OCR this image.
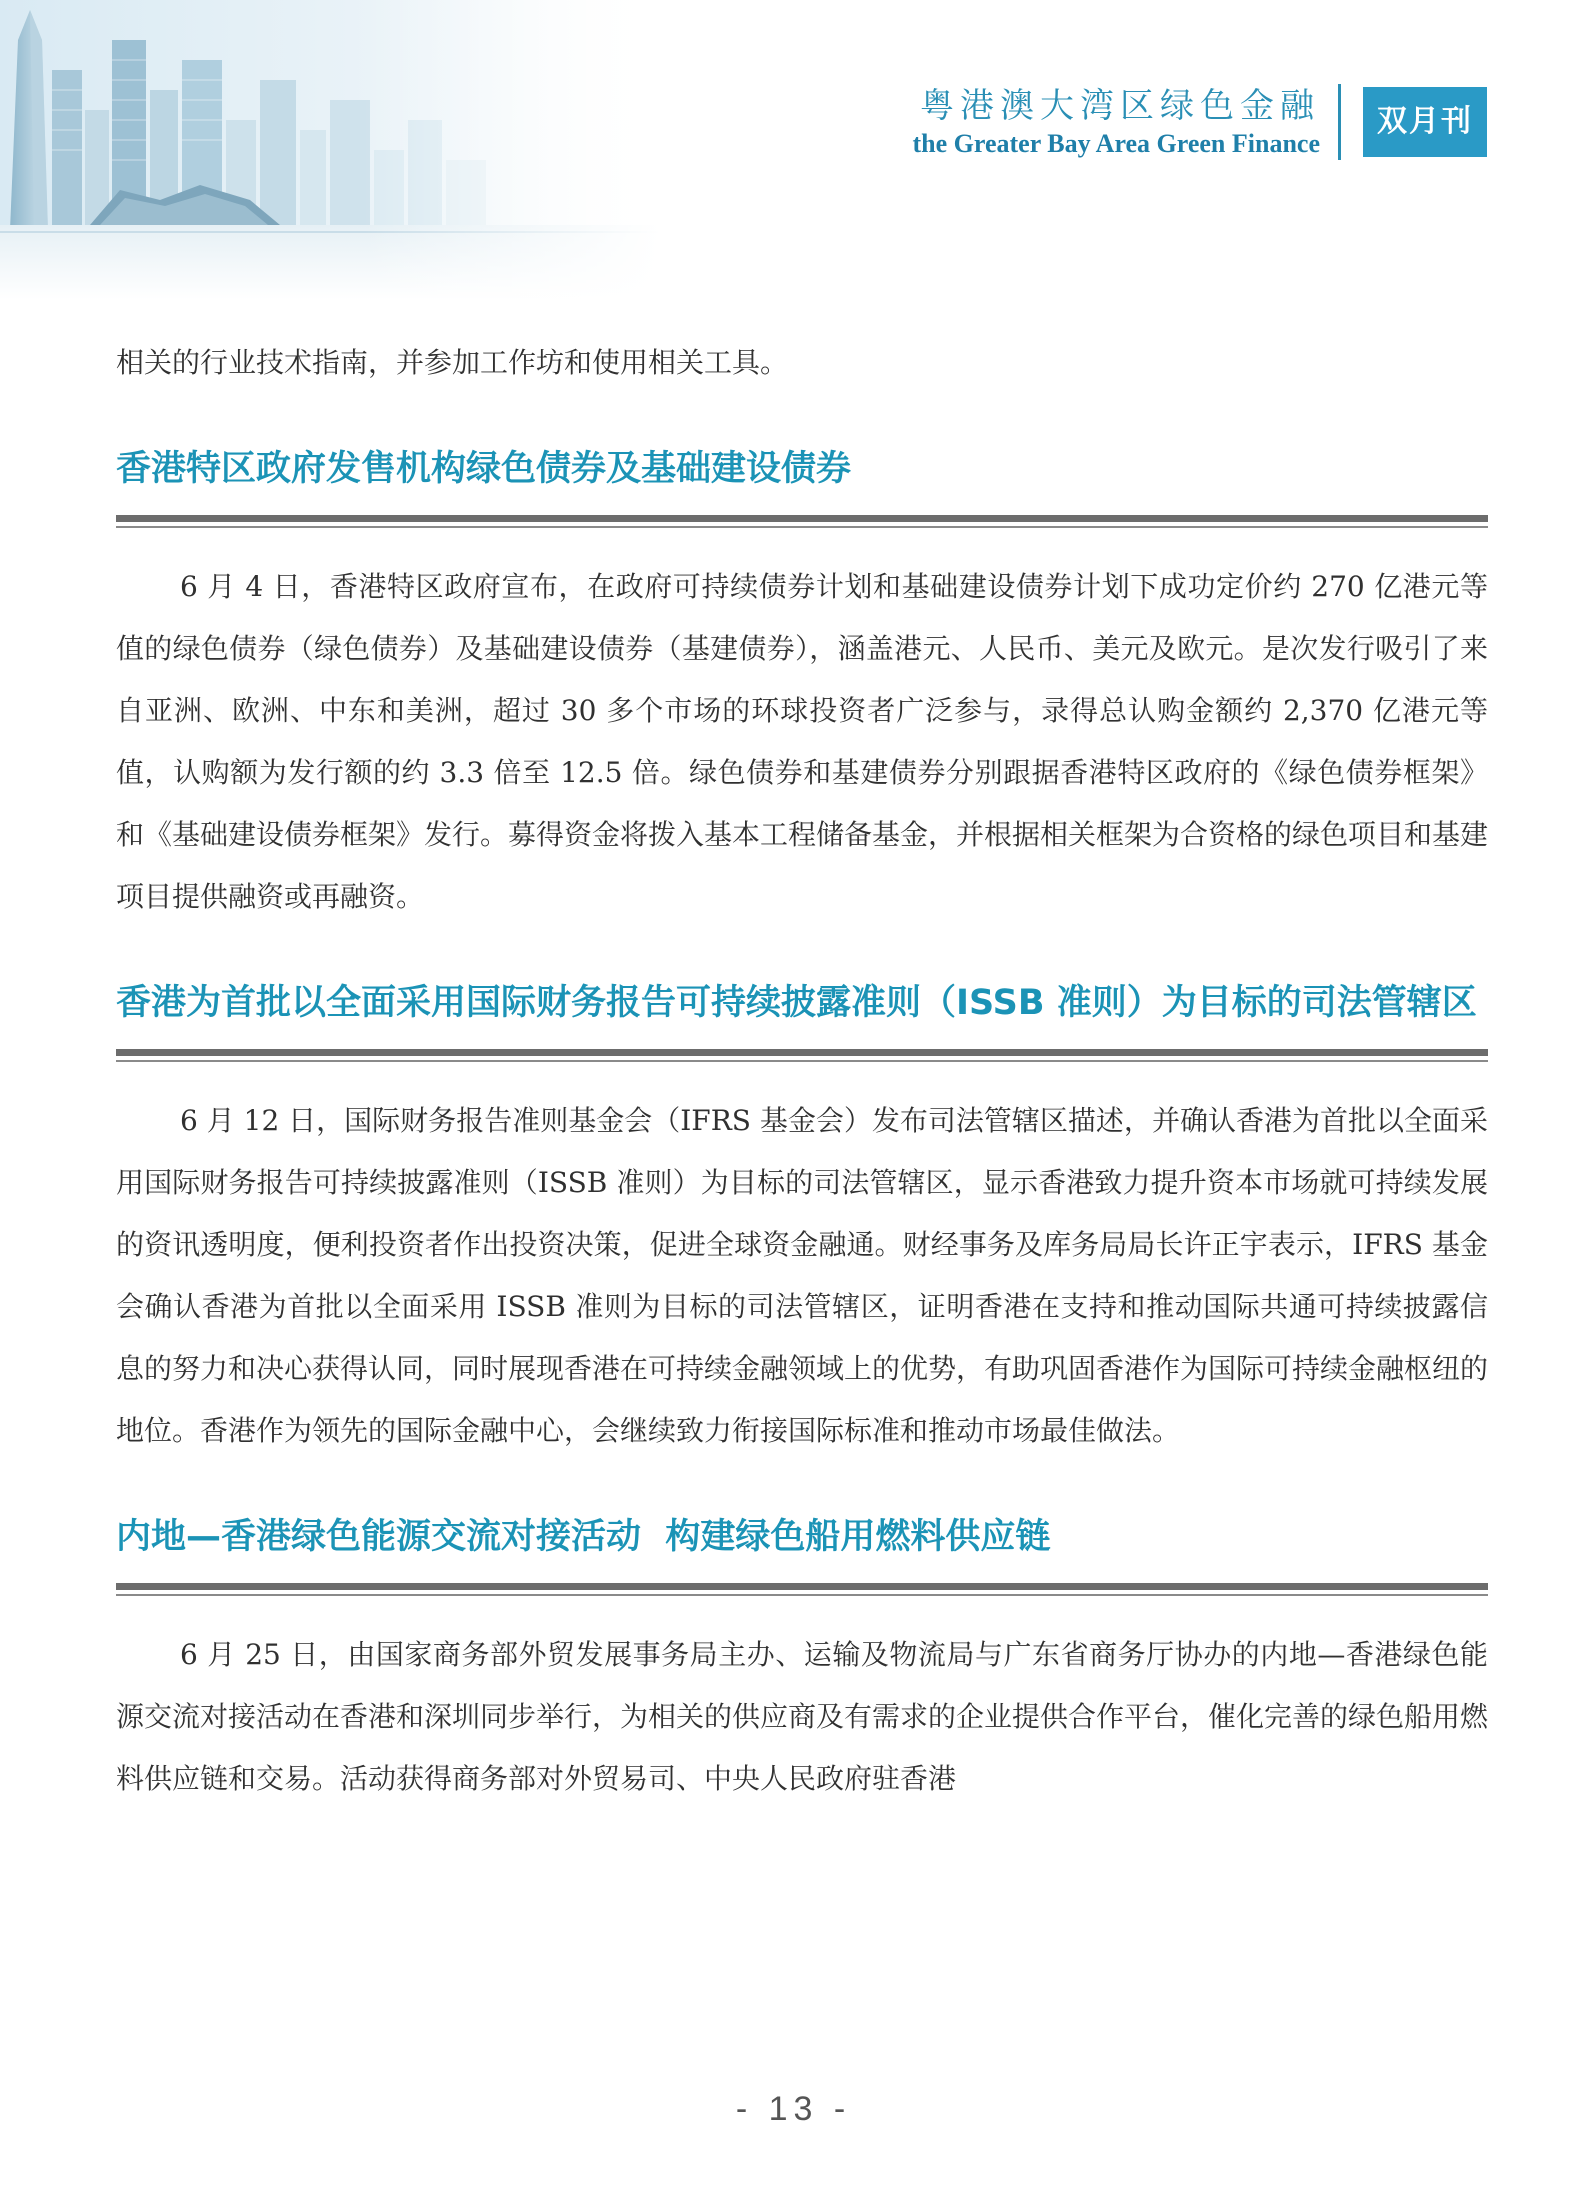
粤港澳大湾区绿色金融
the Greater Bay Area Green Finance
双月刊

相关的行业技术指南，并参加工作坊和使用相关工具。

香港特区政府发售机构绿色债券及基础建设债券

6 月 4 日，香港特区政府宣布，在政府可持续债券计划和基础建设债券计划下成功定价约 270 亿港元等值的绿色债券（绿色债券）及基础建设债券（基建债券），涵盖港元、人民币、美元及欧元。是次发行吸引了来自亚洲、欧洲、中东和美洲，超过 30 多个市场的环球投资者广泛参与，录得总认购金额约 2,370 亿港元等值，认购额为发行额的约 3.3 倍至 12.5 倍。绿色债券和基建债券分别跟据香港特区政府的《绿色债券框架》和《基础建设债券框架》发行。募得资金将拨入基本工程储备基金，并根据相关框架为合资格的绿色项目和基建项目提供融资或再融资。

香港为首批以全面采用国际财务报告可持续披露准则（ISSB 准则）为目标的司法管辖区

6 月 12 日，国际财务报告准则基金会（IFRS 基金会）发布司法管辖区描述，并确认香港为首批以全面采用国际财务报告可持续披露准则（ISSB 准则）为目标的司法管辖区，显示香港致力提升资本市场就可持续发展的资讯透明度，便利投资者作出投资决策，促进全球资金融通。财经事务及库务局局长许正宇表示，IFRS 基金会确认香港为首批以全面采用 ISSB 准则为目标的司法管辖区，证明香港在支持和推动国际共通可持续披露信息的努力和决心获得认同，同时展现香港在可持续金融领域上的优势，有助巩固香港作为国际可持续金融枢纽的地位。香港作为领先的国际金融中心，会继续致力衔接国际标准和推动市场最佳做法。

内地—香港绿色能源交流对接活动  构建绿色船用燃料供应链

6 月 25 日，由国家商务部外贸发展事务局主办、运输及物流局与广东省商务厅协办的内地—香港绿色能源交流对接活动在香港和深圳同步举行，为相关的供应商及有需求的企业提供合作平台，催化完善的绿色船用燃料供应链和交易。活动获得商务部对外贸易司、中央人民政府驻香港

- 13 -
